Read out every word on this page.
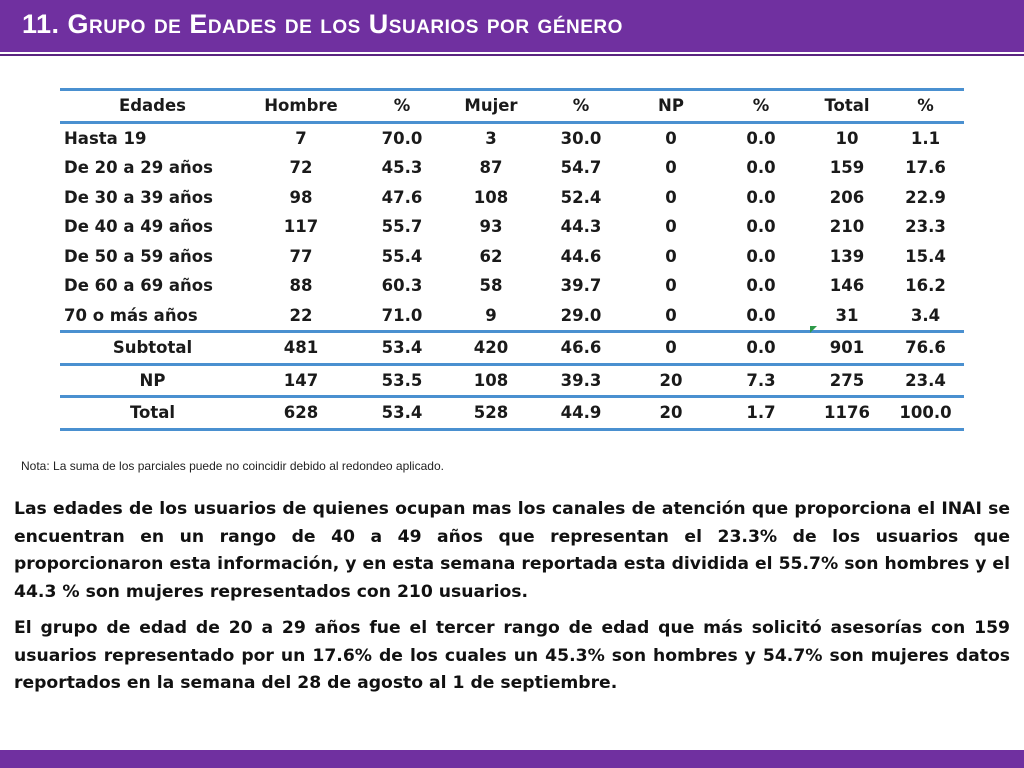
11. Grupo de Edades de los Usuarios por género
Edades	Hombre	%	Mujer	%	NP	%	Total	%
Hasta 19	7	70.0	3	30.0	0	0.0	10	1.1
De 20 a 29 años	72	45.3	87	54.7	0	0.0	159	17.6
De 30 a 39 años	98	47.6	108	52.4	0	0.0	206	22.9
De 40 a 49 años	117	55.7	93	44.3	0	0.0	210	23.3
De 50 a 59 años	77	55.4	62	44.6	0	0.0	139	15.4
De 60 a 69 años	88	60.3	58	39.7	0	0.0	146	16.2
70 o más años	22	71.0	9	29.0	0	0.0	31	3.4
Subtotal	481	53.4	420	46.6	0	0.0	901	76.6
NP	147	53.5	108	39.3	20	7.3	275	23.4
Total	628	53.4	528	44.9	20	1.7	1176	100.0
Nota: La suma de los parciales puede no coincidir debido al redondeo aplicado.

Las edades de los usuarios de quienes ocupan mas los canales de atención que proporciona el INAI se encuentran en un rango de 40 a 49 años que representan el 23.3% de los usuarios que proporcionaron esta información, y en esta semana reportada esta dividida el 55.7% son hombres y el 44.3 % son mujeres representados con 210 usuarios.

El grupo de edad de 20 a 29 años fue el tercer rango de edad que más solicitó asesorías con 159 usuarios representado por un 17.6% de los cuales un 45.3% son hombres y 54.7% son mujeres datos reportados en la semana del 28 de agosto al 1 de septiembre.
